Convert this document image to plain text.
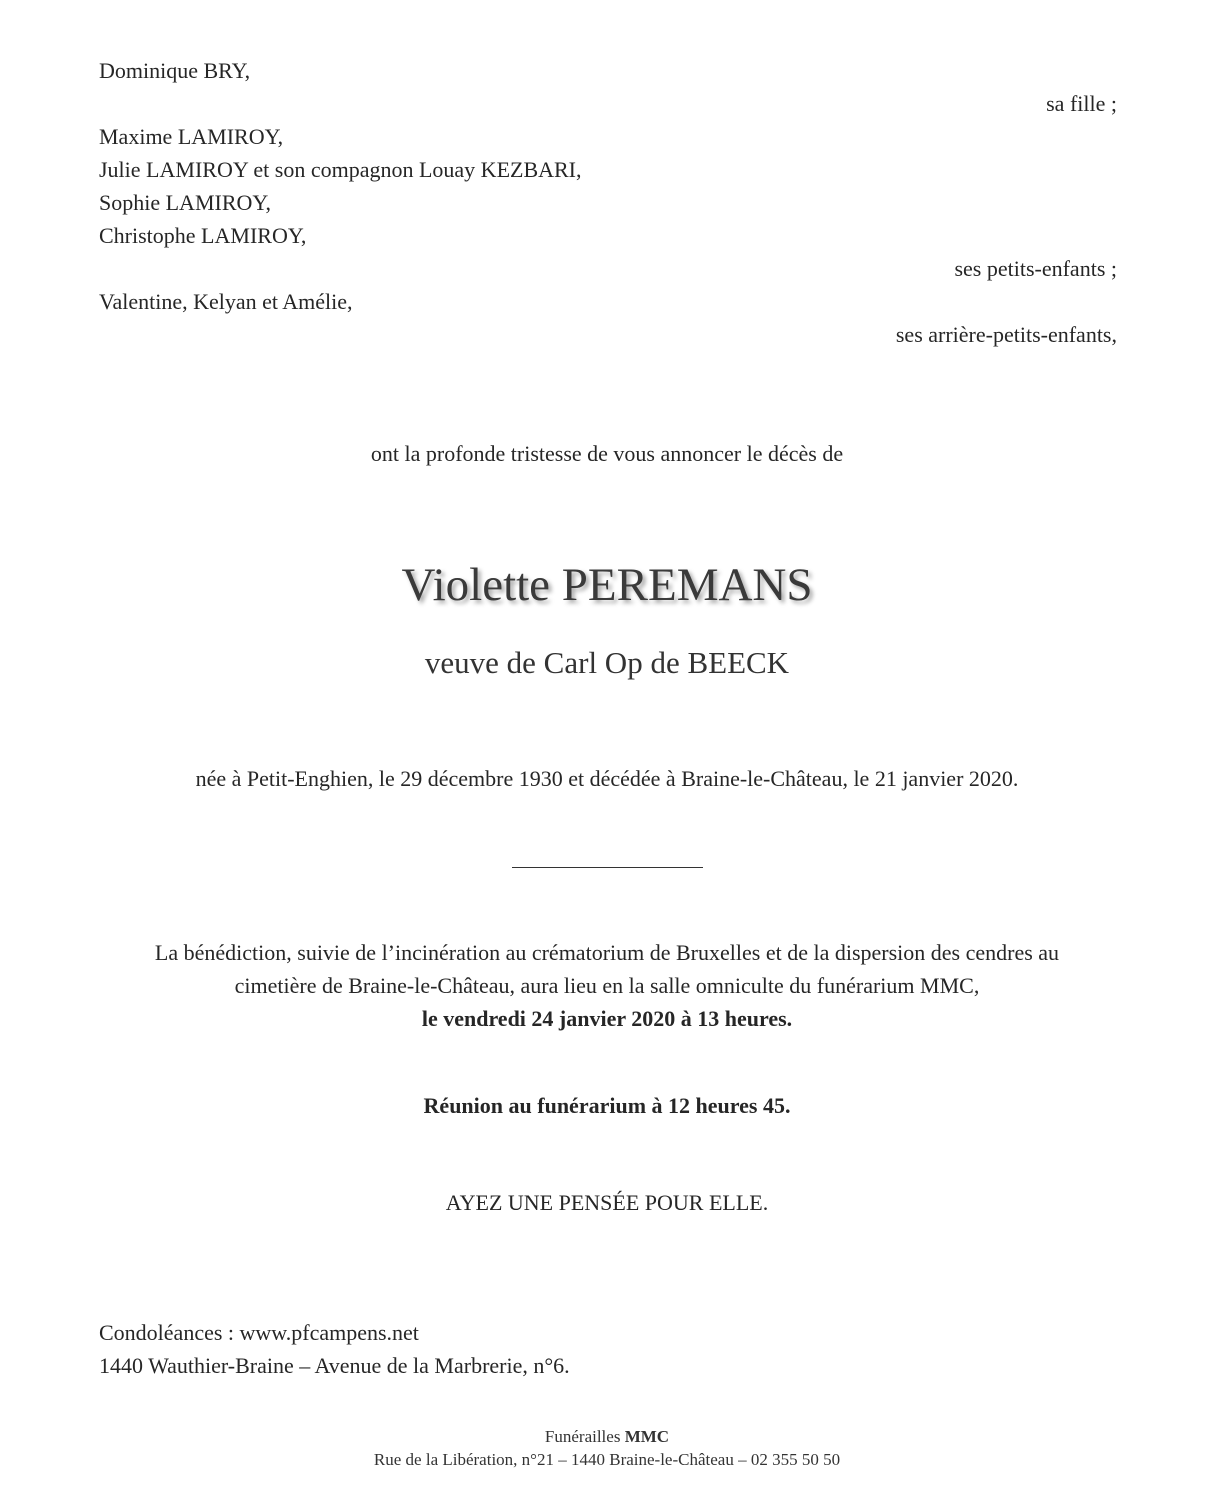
Dominique BRY,
sa fille ;
Maxime LAMIROY,
Julie LAMIROY et son compagnon Louay KEZBARI,
Sophie LAMIROY,
Christophe LAMIROY,
ses petits-enfants ;
Valentine, Kelyan et Amélie,
ses arrière-petits-enfants,
ont la profonde tristesse de vous annoncer le décès de
Violette PEREMANS
veuve de Carl Op de BEECK
née à Petit-Enghien, le 29 décembre 1930 et décédée à Braine-le-Château, le 21 janvier 2020.
La bénédiction, suivie de l’incinération au crématorium de Bruxelles et de la dispersion des cendres au
cimetière de Braine-le-Château, aura lieu en la salle omniculte du funérarium MMC,
le vendredi 24 janvier 2020 à 13 heures.
Réunion au funérarium à 12 heures 45.
AYEZ UNE PENSÉE POUR ELLE.
Condoléances : www.pfcampens.net
1440 Wauthier-Braine – Avenue de la Marbrerie, n°6.
Funérailles MMC
Rue de la Libération, n°21 – 1440 Braine-le-Château – 02 355 50 50
